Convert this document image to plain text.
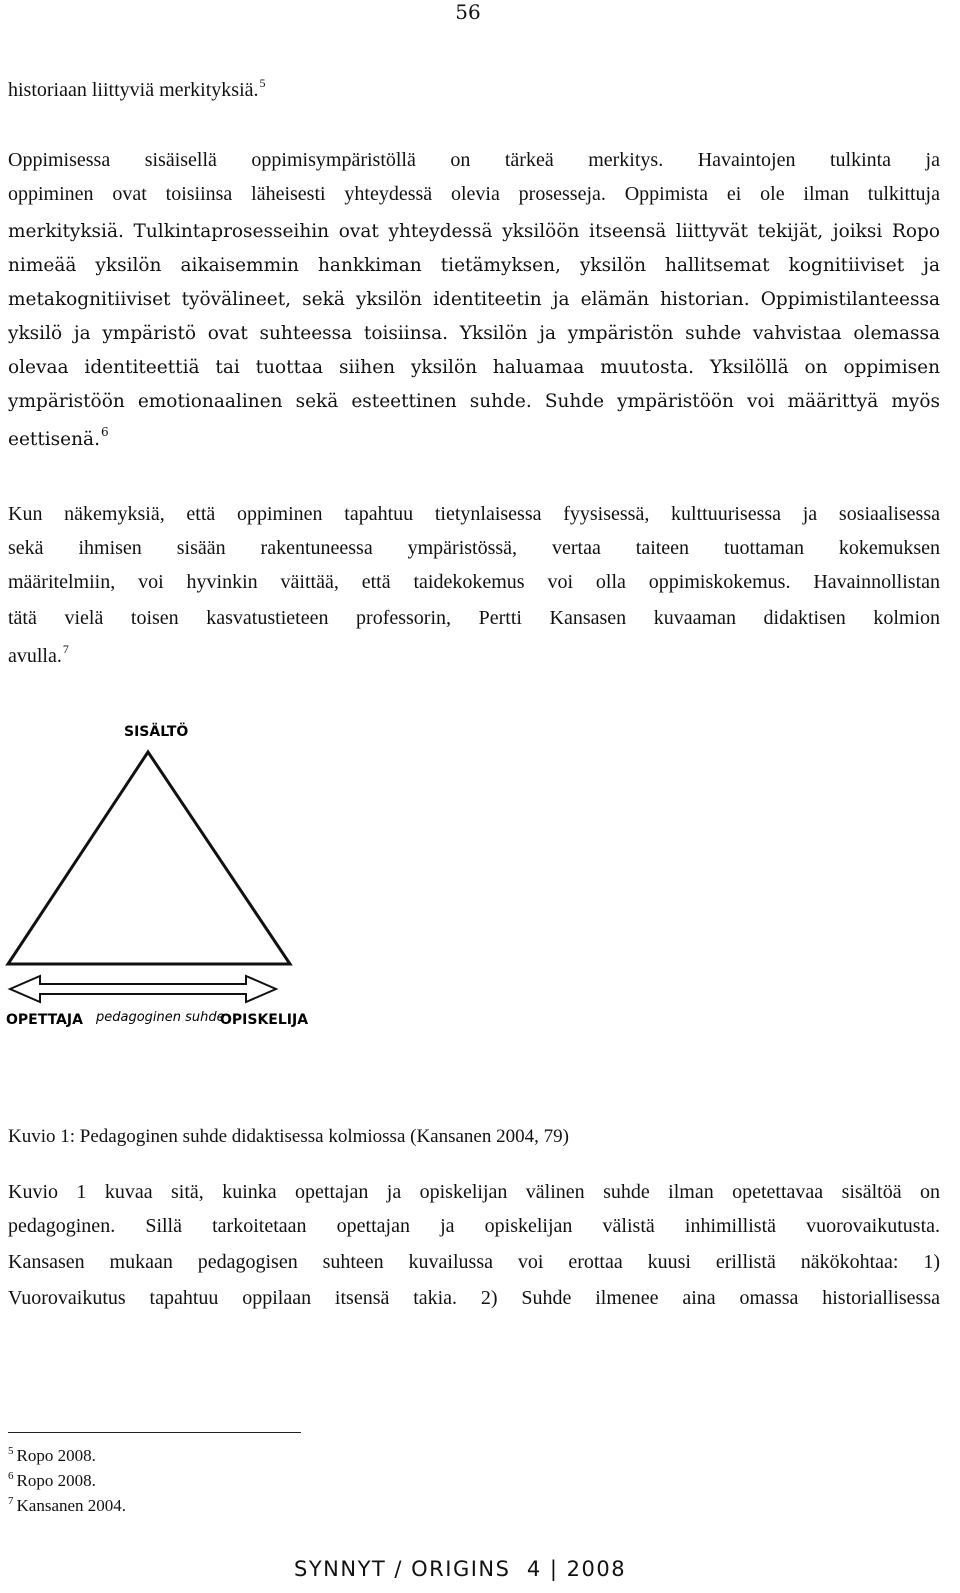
56
historiaan liittyviä merkityksiä.$^5$
Oppimisessa sisäisellä oppimisympäristöllä on tärkeä merkitys. Havaintojen tulkinta ja
oppiminen ovat toisiinsa läheisesti yhteydessä olevia prosesseja. Oppimista ei ole ilman tulkittuja
merkityksiä. Tulkintaprosesseihin ovat yhteydessä yksilöön itseensä liittyvät tekijät, joiksi Ropo
nimeää yksilön aikaisemmin hankkiman tietämyksen, yksilön hallitsemat kognitiiviset ja
metakognitiiviset työvälineet, sekä yksilön identiteetin ja elämän historian. Oppimistilanteessa
yksilö ja ympäristö ovat suhteessa toisiinsa. Yksilön ja ympäristön suhde vahvistaa olemassa
olevaa identiteettiä tai tuottaa siihen yksilön haluamaa muutosta. Yksilöllä on oppimisen
ympäristöön emotionaalinen sekä esteettinen suhde. Suhde ympäristöön voi määrittyä myös
eettisenä.$^6$
Kun näkemyksiä, että oppiminen tapahtuu tietynlaisessa fyysisessä, kulttuurisessa ja sosiaalisessa
sekä ihmisen sisään rakentuneessa ympäristössä, vertaa taiteen tuottaman kokemuksen
määritelmiin, voi hyvinkin väittää, että taidekokemus voi olla oppimiskokemus. Havainnollistan
tätä vielä toisen kasvatustieteen professorin, Pertti Kansasen kuvaaman didaktisen kolmion
avulla.$^7$
SISÄLTÖ
OPETTAJA pedagoginen suhde
OPISKELIJA
Kuvio 1: Pedagoginen suhde didaktisessa kolmiossa (Kansanen 2004, 79)
Kuvio 1 kuvaa sitä, kuinka opettajan ja opiskelijan välinen suhde ilman opetettavaa sisältöä on
pedagoginen. Sillä tarkoitetaan opettajan ja opiskelijan välistä inhimillistä vuorovaikutusta.
Kansasen mukaan pedagogisen suhteen kuvailussa voi erottaa kuusi erillistä näkökohtaa: 1)
Vuorovaikutus tapahtuu oppilaan itsensä takia. 2) Suhde ilmenee aina omassa historiallisessa
$^5$ Ropo 2008.
$^6$ Ropo 2008.
$^7$ Kansanen 2004.
SYNNYT / ORIGINS  4 | 2008
